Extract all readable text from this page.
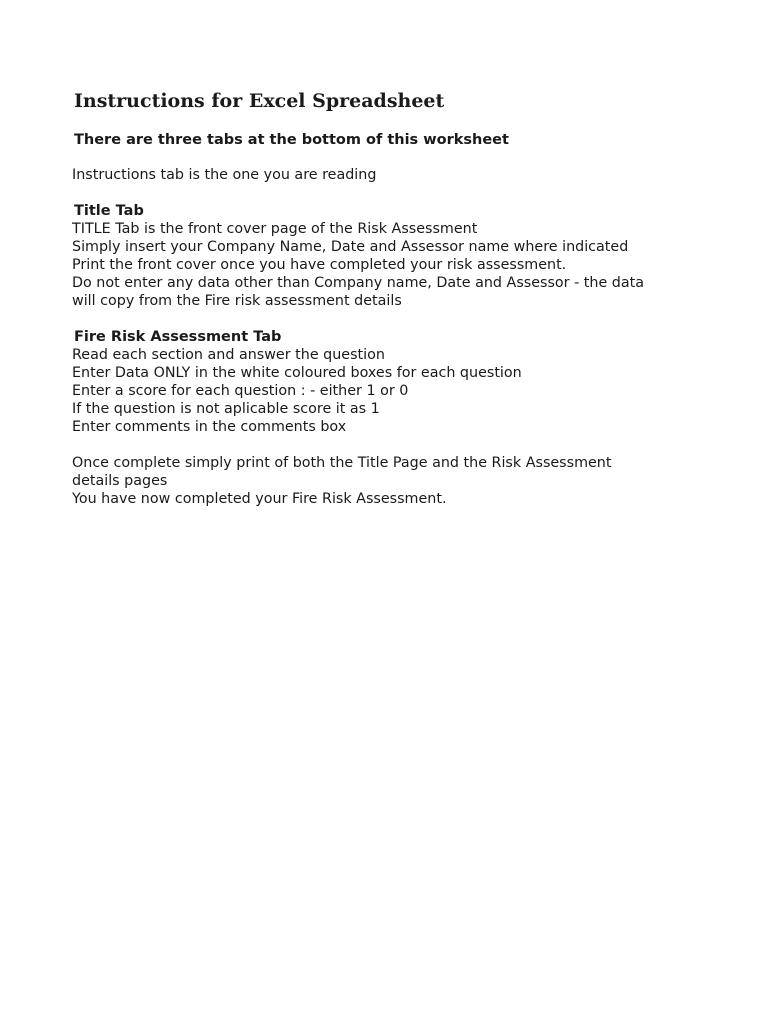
Instructions for Excel Spreadsheet

There are three tabs at the bottom of this worksheet

Instructions tab is the one you are reading

Title Tab

TITLE Tab is the front cover page of the Risk Assessment

Simply insert your Company Name, Date and Assessor name where indicated

Print the front cover once you have completed your risk assessment.

Do not enter any data other than Company name, Date and Assessor - the data

will copy from the Fire risk assessment details

Fire Risk Assessment Tab

Read each section and answer the question

Enter Data ONLY in the white coloured boxes for each question

Enter a score for each question : - either 1 or 0

If the question is not aplicable score it as 1

Enter comments in the comments box

Once complete simply print of both the Title Page and the Risk Assessment

details pages

You have now completed your Fire Risk Assessment.
